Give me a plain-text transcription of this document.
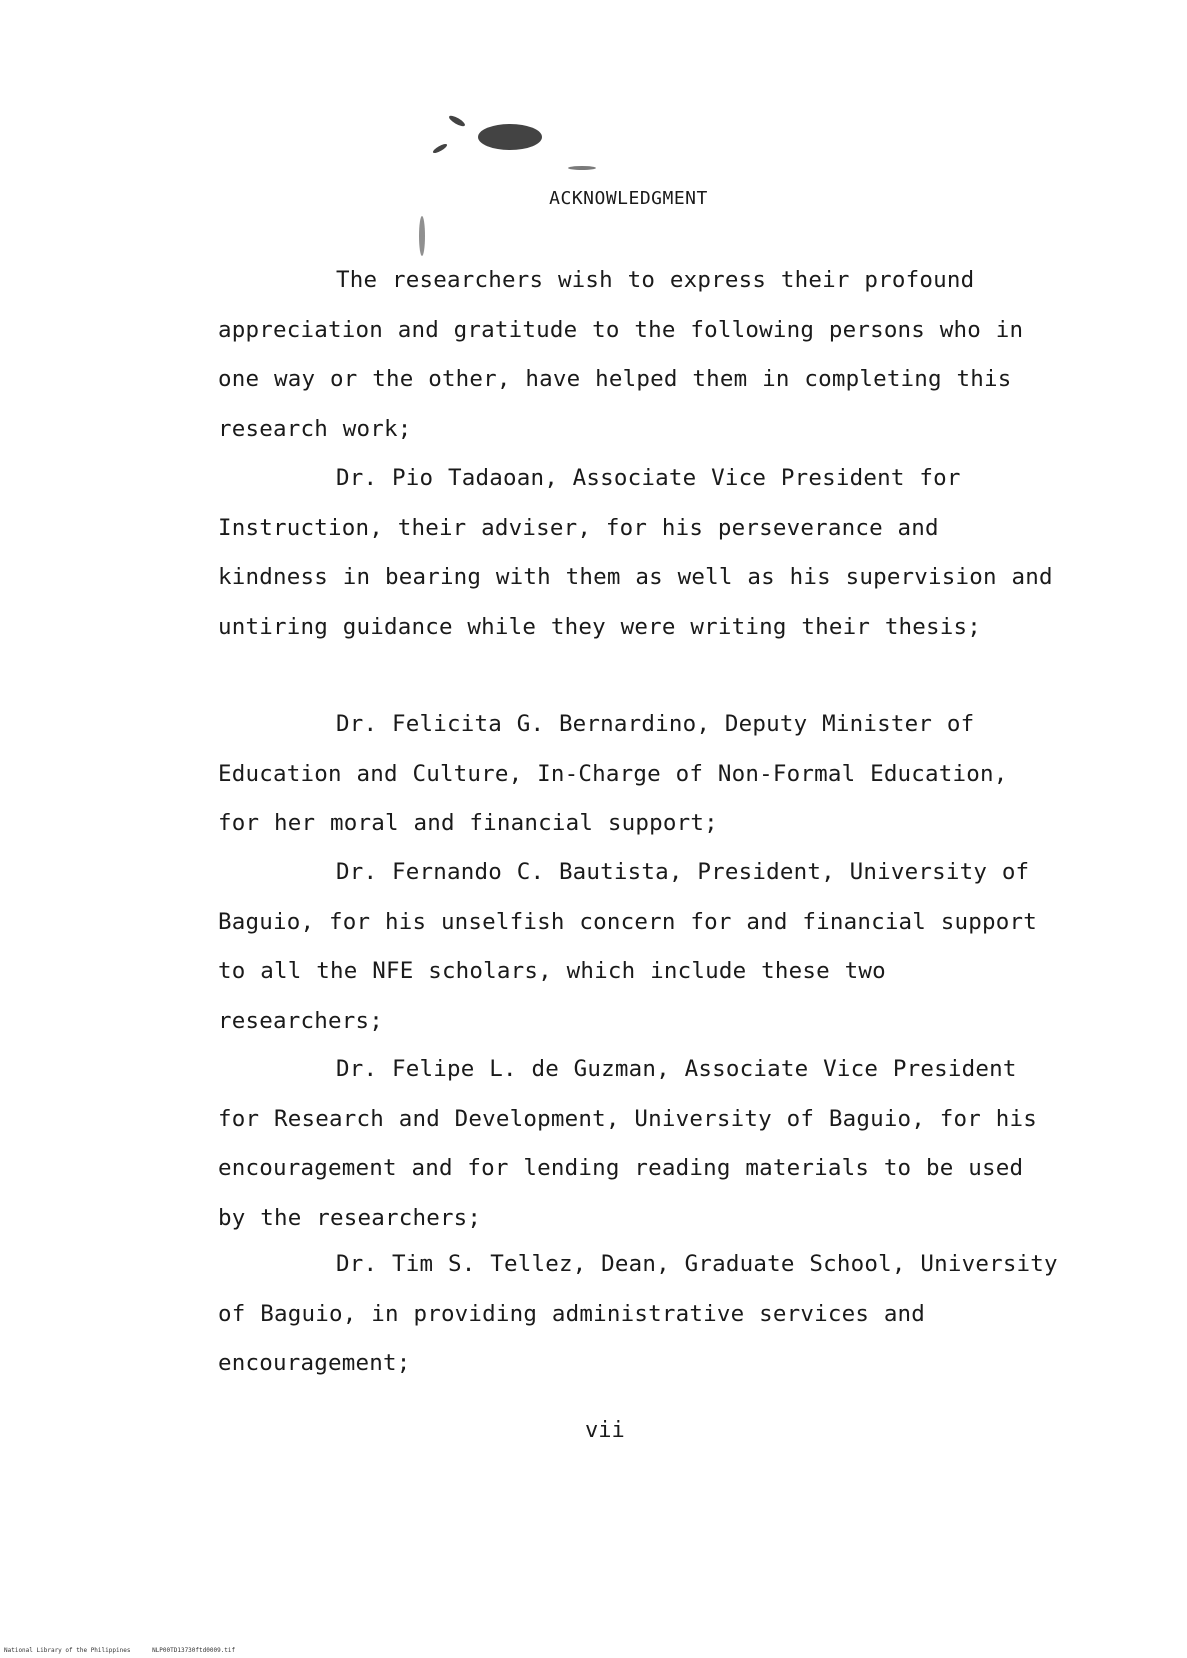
ACKNOWLEDGMENT

The researchers wish to express their profound appreciation and gratitude to the following persons who in one way or the other, have helped them in completing this research work;

Dr. Pio Tadaoan, Associate Vice President for Instruction, their adviser, for his perseverance and kindness in bearing with them as well as his supervision and untiring guidance while they were writing their thesis;

Dr. Felicita G. Bernardino, Deputy Minister of Education and Culture, In-Charge of Non-Formal Education, for her moral and financial support;

Dr. Fernando C. Bautista, President, University of Baguio, for his unselfish concern for and financial support to all the NFE scholars, which include these two researchers;

Dr. Felipe L. de Guzman, Associate Vice President for Research and Development, University of Baguio, for his encouragement and for lending reading materials to be used by the researchers;

Dr. Tim S. Tellez, Dean, Graduate School, University of Baguio, in providing administrative services and encouragement;

vii
National Library of the Philippines	NLP00TD13730ftd0009.tif
